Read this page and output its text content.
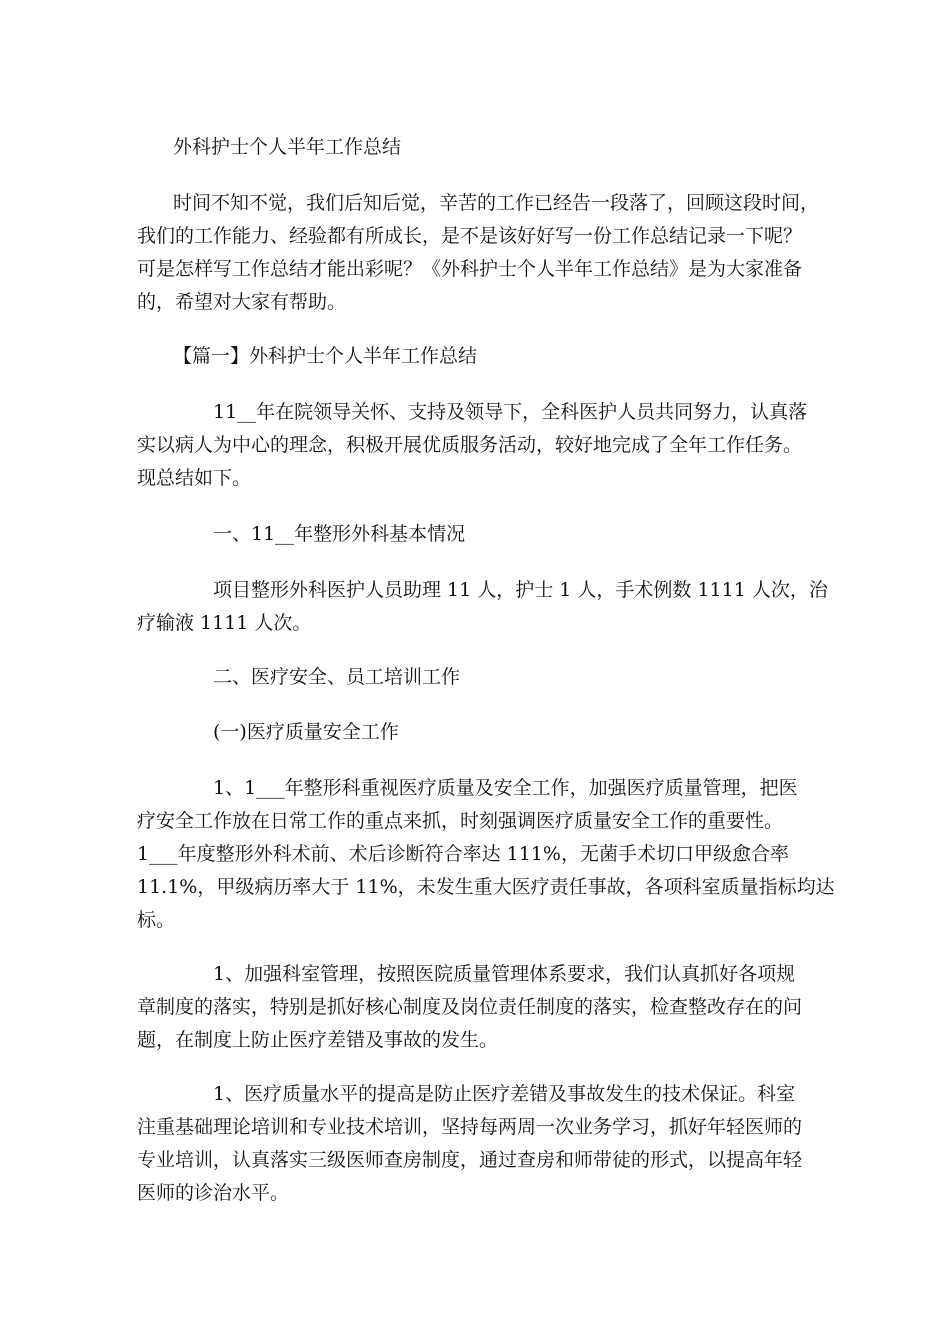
外科护士个人半年工作总结

时间不知不觉，我们后知后觉，辛苦的工作已经告一段落了，回顾这段时间，
我们的工作能力、经验都有所成长，是不是该好好写一份工作总结记录一下呢？
可是怎样写工作总结才能出彩呢？《外科护士个人半年工作总结》是为大家准备
的，希望对大家有帮助。

【篇一】外科护士个人半年工作总结

11__年在院领导关怀、支持及领导下，全科医护人员共同努力，认真落
实以病人为中心的理念，积极开展优质服务活动，较好地完成了全年工作任务。
现总结如下。

一、11__年整形外科基本情况

项目整形外科医护人员助理 11 人，护士 1 人，手术例数 1111 人次，治
疗输液 1111 人次。

二、医疗安全、员工培训工作

(一)医疗质量安全工作

1、1___年整形科重视医疗质量及安全工作，加强医疗质量管理，把医
疗安全工作放在日常工作的重点来抓，时刻强调医疗质量安全工作的重要性。
1___年度整形外科术前、术后诊断符合率达 111%，无菌手术切口甲级愈合率
11.1%，甲级病历率大于 11%，未发生重大医疗责任事故，各项科室质量指标均达
标。

1、加强科室管理，按照医院质量管理体系要求，我们认真抓好各项规
章制度的落实，特别是抓好核心制度及岗位责任制度的落实，检查整改存在的问
题，在制度上防止医疗差错及事故的发生。

1、医疗质量水平的提高是防止医疗差错及事故发生的技术保证。科室
注重基础理论培训和专业技术培训，坚持每两周一次业务学习，抓好年轻医师的
专业培训，认真落实三级医师查房制度，通过查房和师带徒的形式，以提高年轻
医师的诊治水平。
